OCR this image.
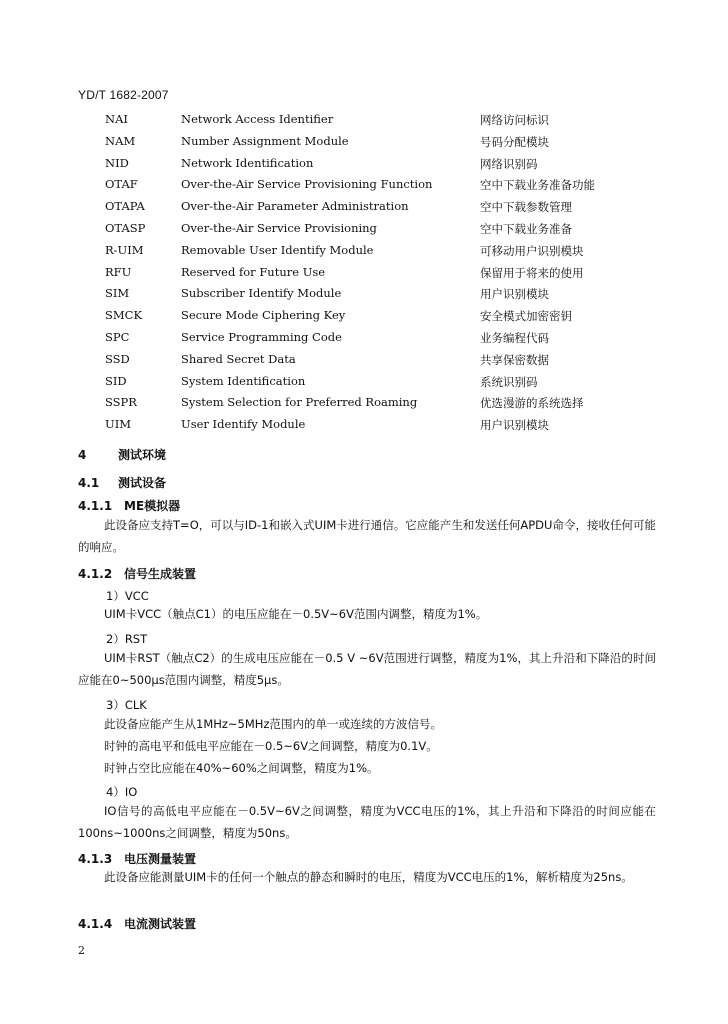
YD/T 1682-2007
NAI	Network Access Identifier	网络访问标识
NAM	Number Assignment Module	号码分配模块
NID	Network Identification	网络识别码
OTAF	Over-the-Air Service Provisioning Function	空中下载业务准备功能
OTAPA	Over-the-Air Parameter Administration	空中下载参数管理
OTASP	Over-the-Air Service Provisioning	空中下载业务准备
R-UIM	Removable User Identify Module	可移动用户识别模块
RFU	Reserved for Future Use	保留用于将来的使用
SIM	Subscriber Identify Module	用户识别模块
SMCK	Secure Mode Ciphering Key	安全模式加密密钥
SPC	Service Programming Code	业务编程代码
SSD	Shared Secret Data	共享保密数据
SID	System Identification	系统识别码
SSPR	System Selection for Preferred Roaming	优选漫游的系统选择
UIM	User Identify Module	用户识别模块
4	测试环境
4.1 测试设备
4.1.1 ME模拟器
此设备应支持T=O，可以与ID-1和嵌入式UIM卡进行通信。它应能产生和发送任何APDU命令，接收任何可能的响应。
4.1.2 信号生成装置
1）VCC
UIM卡VCC（触点C1）的电压应能在－0.5V~6V范围内调整，精度为1%。
2）RST
UIM卡RST（触点C2）的生成电压应能在－0.5 V ~6V范围进行调整，精度为1%，其上升沿和下降沿的时间应能在0~500μs范围内调整，精度5μs。
3）CLK
此设备应能产生从1MHz~5MHz范围内的单一或连续的方波信号。
时钟的高电平和低电平应能在－0.5~6V之间调整，精度为0.1V。
时钟占空比应能在40%~60%之间调整，精度为1%。
4）IO
IO信号的高低电平应能在－0.5V~6V之间调整，精度为VCC电压的1%，其上升沿和下降沿的时间应能在100ns~1000ns之间调整，精度为50ns。
4.1.3 电压测量装置
此设备应能测量UIM卡的任何一个触点的静态和瞬时的电压，精度为VCC电压的1%，解析精度为25ns。
4.1.4 电流测试装置
2
